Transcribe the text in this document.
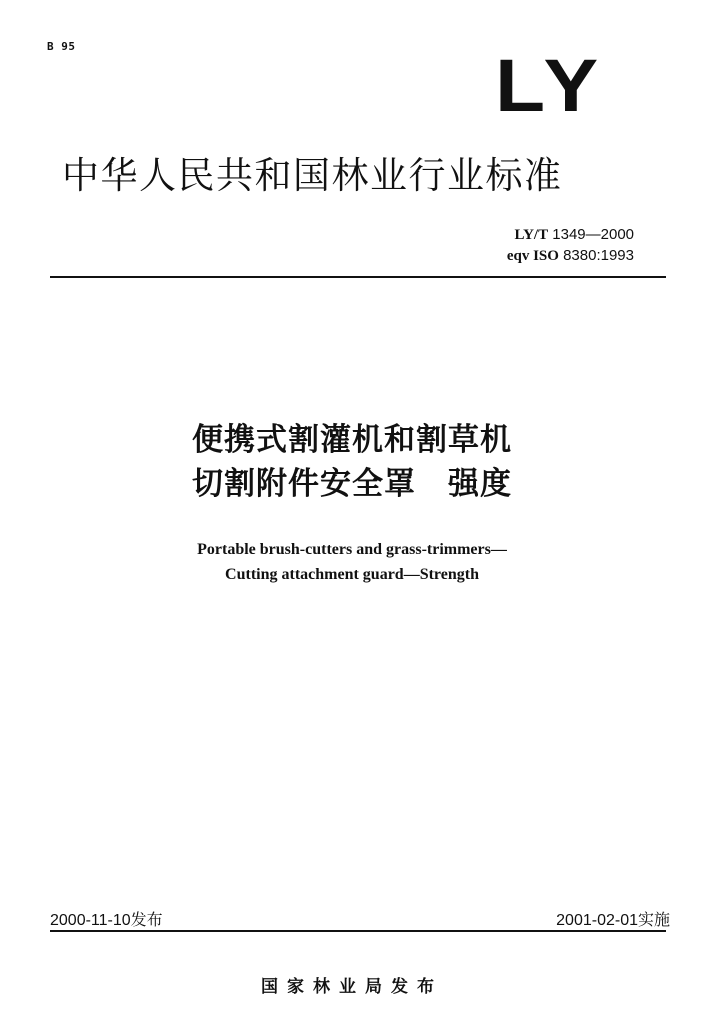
B 95	LY
中华人民共和国林业行业标准
LY/T 1349—2000
eqv ISO 8380:1993
便携式割灌机和割草机
切割附件安全罩　强度
Portable brush-cutters and grass-trimmers—
Cutting attachment guard—Strength
2000-11-10发布	2001-02-01实施
国家林业局发布
